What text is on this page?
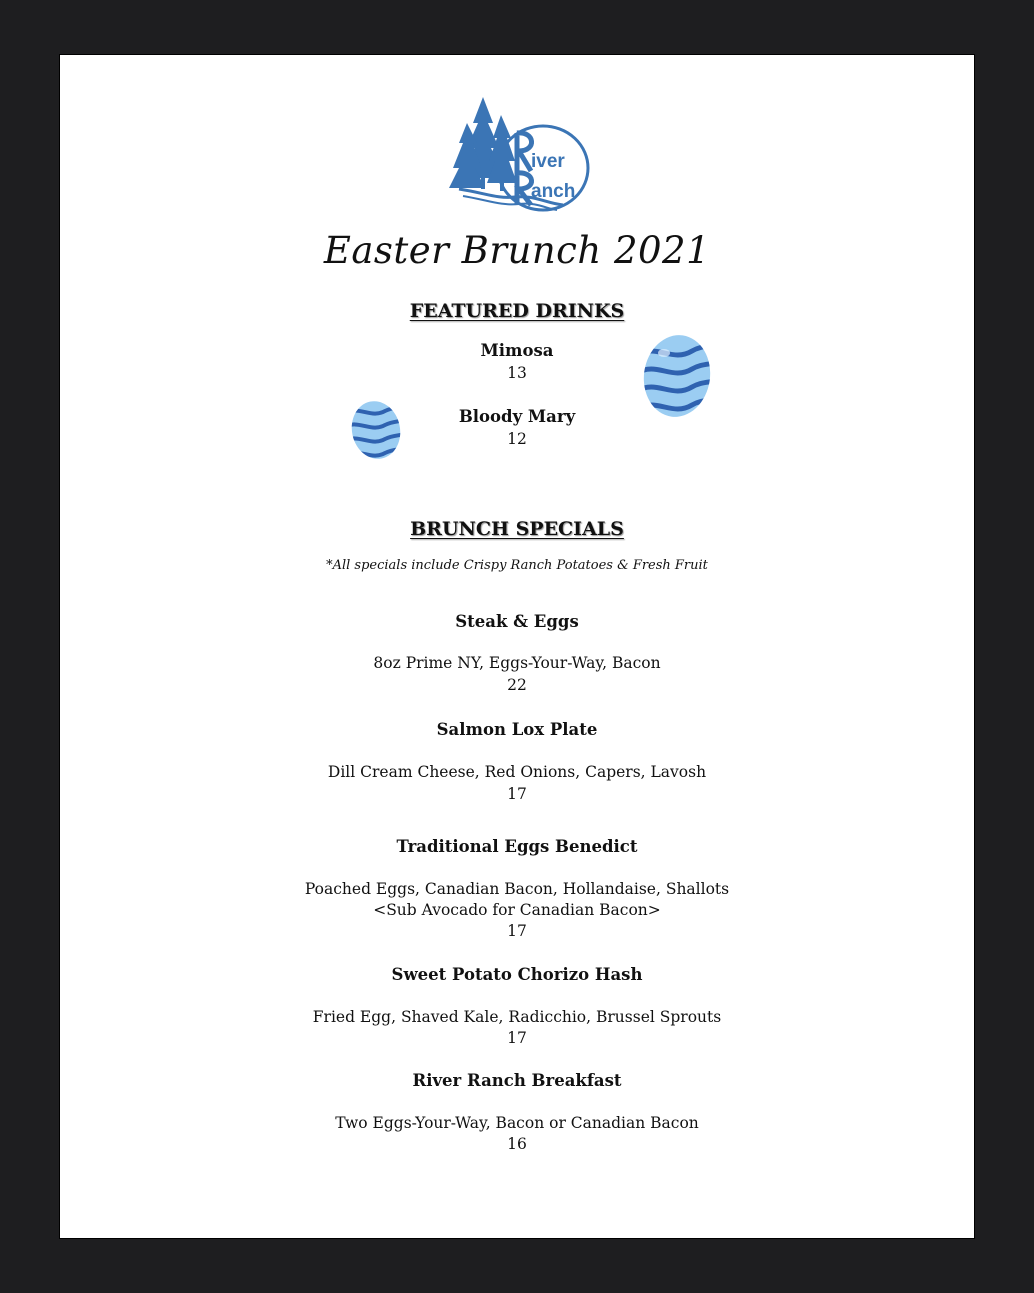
iver
anch
Easter Brunch 2021
FEATURED DRINKS
Mimosa
13
Bloody Mary
12
BRUNCH SPECIALS
*All specials include Crispy Ranch Potatoes & Fresh Fruit
Steak & Eggs
8oz Prime NY, Eggs-Your-Way, Bacon
22
Salmon Lox Plate
Dill Cream Cheese, Red Onions, Capers, Lavosh
17
Traditional Eggs Benedict
Poached Eggs, Canadian Bacon, Hollandaise, Shallots
<Sub Avocado for Canadian Bacon>
17
Sweet Potato Chorizo Hash
Fried Egg, Shaved Kale, Radicchio, Brussel Sprouts
17
River Ranch Breakfast
Two Eggs-Your-Way, Bacon or Canadian Bacon
16
